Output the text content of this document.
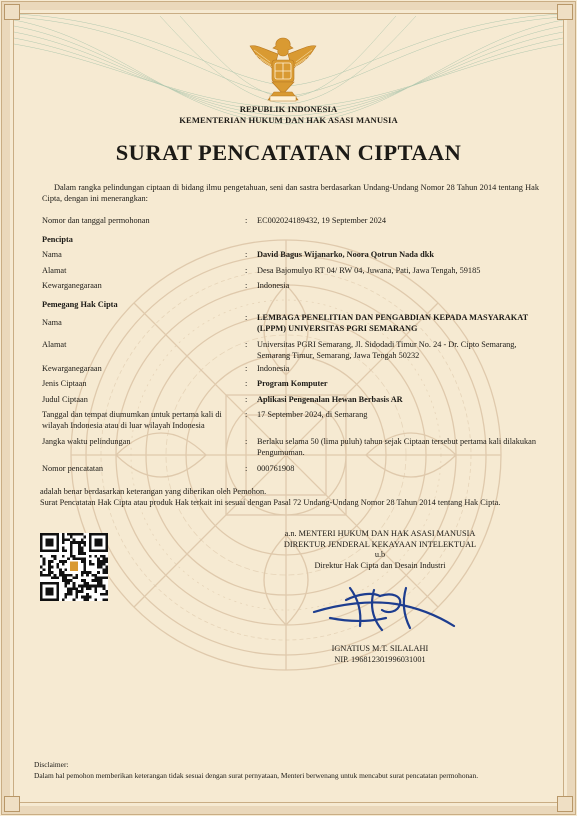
REPUBLIK INDONESIA
KEMENTERIAN HUKUM DAN HAK ASASI MANUSIA
SURAT PENCATATAN CIPTAAN
Dalam rangka pelindungan ciptaan di bidang ilmu pengetahuan, seni dan sastra berdasarkan Undang-Undang Nomor 28 Tahun 2014 tentang Hak Cipta, dengan ini menerangkan:
Nomor dan tanggal permohonan	: EC002024189432, 19 September 2024
Pencipta
Nama	: David Bagus Wijanarko, Noora Qotrun Nada dkk
Alamat	: Desa Bajomulyo RT 04/ RW 04, Juwana, Pati, Jawa Tengah, 59185
Kewarganegaraan	: Indonesia
Pemegang Hak Cipta
Nama
: LEMBAGA PENELITIAN DAN PENGABDIAN KEPADA MASYARAKAT (LPPM) UNIVERSITAS PGRI SEMARANG
Alamat	: Universitas PGRI Semarang, Jl. Sidodadi Timur No. 24 - Dr. Cipto Semarang, Semarang Timur, Semarang, Jawa Tengah 50232
Kewarganegaraan	: Indonesia
Jenis Ciptaan	: Program Komputer
Judul Ciptaan	: Aplikasi Pengenalan Hewan Berbasis AR
Tanggal dan tempat diumumkan untuk pertama kali di wilayah Indonesia atau di luar wilayah Indonesia
: 17 September 2024, di Semarang
Jangka waktu pelindungan	: Berlaku selama 50 (lima puluh) tahun sejak Ciptaan tersebut pertama kali dilakukan Pengumuman.
Nomor pencatatan	: 000761908
adalah benar berdasarkan keterangan yang diberikan oleh Pemohon.
Surat Pencatatan Hak Cipta atau produk Hak terkait ini sesuai dengan Pasal 72 Undang-Undang Nomor 28 Tahun 2014 tentang Hak Cipta.
a.n. MENTERI HUKUM DAN HAK ASASI MANUSIA
DIREKTUR JENDERAL KEKAYAAN INTELEKTUAL
u.b
Direktur Hak Cipta dan Desain Industri
IGNATIUS M.T. SILALAHI
NIP. 196812301996031001
Disclaimer:
Dalam hal pemohon memberikan keterangan tidak sesuai dengan surat pernyataan, Menteri berwenang untuk mencabut surat pencatatan permohonan.
